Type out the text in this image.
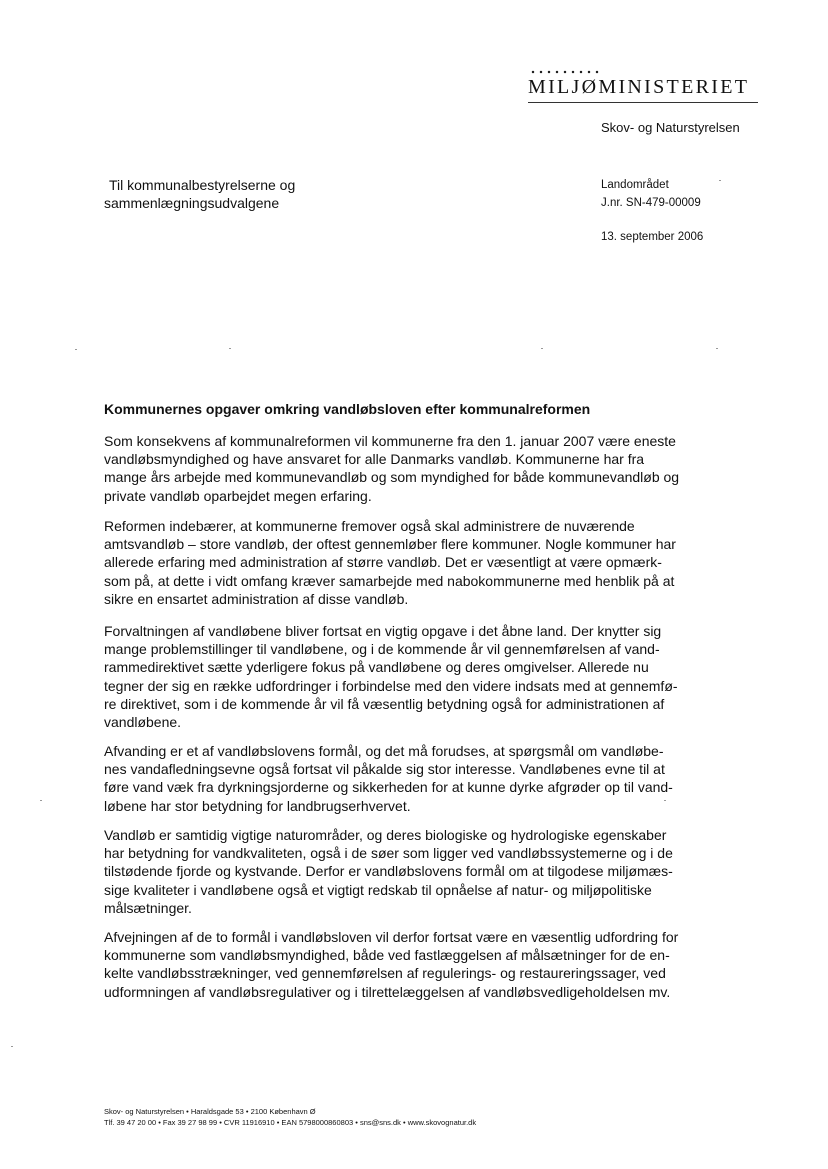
MILJØMINISTERIET
Skov- og Naturstyrelsen
Til kommunalbestyrelserne og
sammenlægningsudvalgene
Landområdet
J.nr. SN-479-00009
13. september 2006
Kommunernes opgaver omkring vandløbsloven efter kommunalreformen
Som konsekvens af kommunalreformen vil kommunerne fra den 1. januar 2007 være eneste
vandløbsmyndighed og have ansvaret for alle Danmarks vandløb. Kommunerne har fra
mange års arbejde med kommunevandløb og som myndighed for både kommunevandløb og
private vandløb oparbejdet megen erfaring.
Reformen indebærer, at kommunerne fremover også skal administrere de nuværende
amtsvandløb – store vandløb, der oftest gennemløber flere kommuner. Nogle kommuner har
allerede erfaring med administration af større vandløb. Det er væsentligt at være opmærk-
som på, at dette i vidt omfang kræver samarbejde med nabokommunerne med henblik på at
sikre en ensartet administration af disse vandløb.
Forvaltningen af vandløbene bliver fortsat en vigtig opgave i det åbne land. Der knytter sig
mange problemstillinger til vandløbene, og i de kommende år vil gennemførelsen af vand-
rammedirektivet sætte yderligere fokus på vandløbene og deres omgivelser. Allerede nu
tegner der sig en række udfordringer i forbindelse med den videre indsats med at gennemfø-
re direktivet, som i de kommende år vil få væsentlig betydning også for administrationen af
vandløbene.
Afvanding er et af vandløbslovens formål, og det må forudses, at spørgsmål om vandløbe-
nes vandafledningsevne også fortsat vil påkalde sig stor interesse. Vandløbenes evne til at
føre vand væk fra dyrkningsjorderne og sikkerheden for at kunne dyrke afgrøder op til vand-
løbene har stor betydning for landbrugserhvervet.
Vandløb er samtidig vigtige naturområder, og deres biologiske og hydrologiske egenskaber
har betydning for vandkvaliteten, også i de søer som ligger ved vandløbssystemerne og i de
tilstødende fjorde og kystvande. Derfor er vandløbslovens formål om at tilgodese miljømæs-
sige kvaliteter i vandløbene også et vigtigt redskab til opnåelse af natur- og miljøpolitiske
målsætninger.
Afvejningen af de to formål i vandløbsloven vil derfor fortsat være en væsentlig udfordring for
kommunerne som vandløbsmyndighed, både ved fastlæggelsen af målsætninger for de en-
kelte vandløbsstrækninger, ved gennemførelsen af regulerings- og restaureringssager, ved
udformningen af vandløbsregulativer og i tilrettelæggelsen af vandløbsvedligeholdelsen mv.
Skov- og Naturstyrelsen • Haraldsgade 53 • 2100 København Ø
Tlf. 39 47 20 00 • Fax 39 27 98 99 • CVR 11916910 • EAN 5798000860803 • sns@sns.dk • www.skovognatur.dk
